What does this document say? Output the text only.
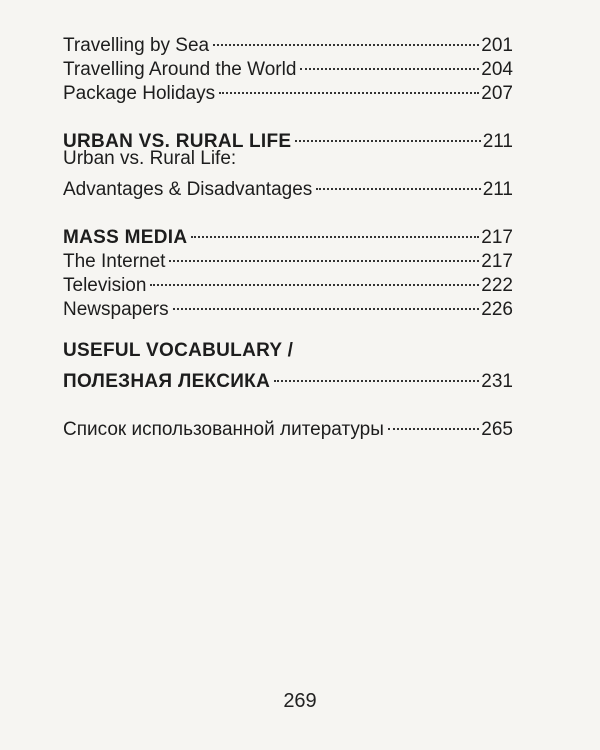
Travelling by Sea	201
Travelling Around the World	204
Package Holidays	207
URBAN VS. RURAL LIFE	211
Urban vs. Rural Life:
Advantages & Disadvantages	211
MASS MEDIA	217
The Internet	217
Television	222
Newspapers	226
USEFUL VOCABULARY /
ПОЛЕЗНАЯ ЛЕКСИКА	231
Список использованной литературы	265
269
